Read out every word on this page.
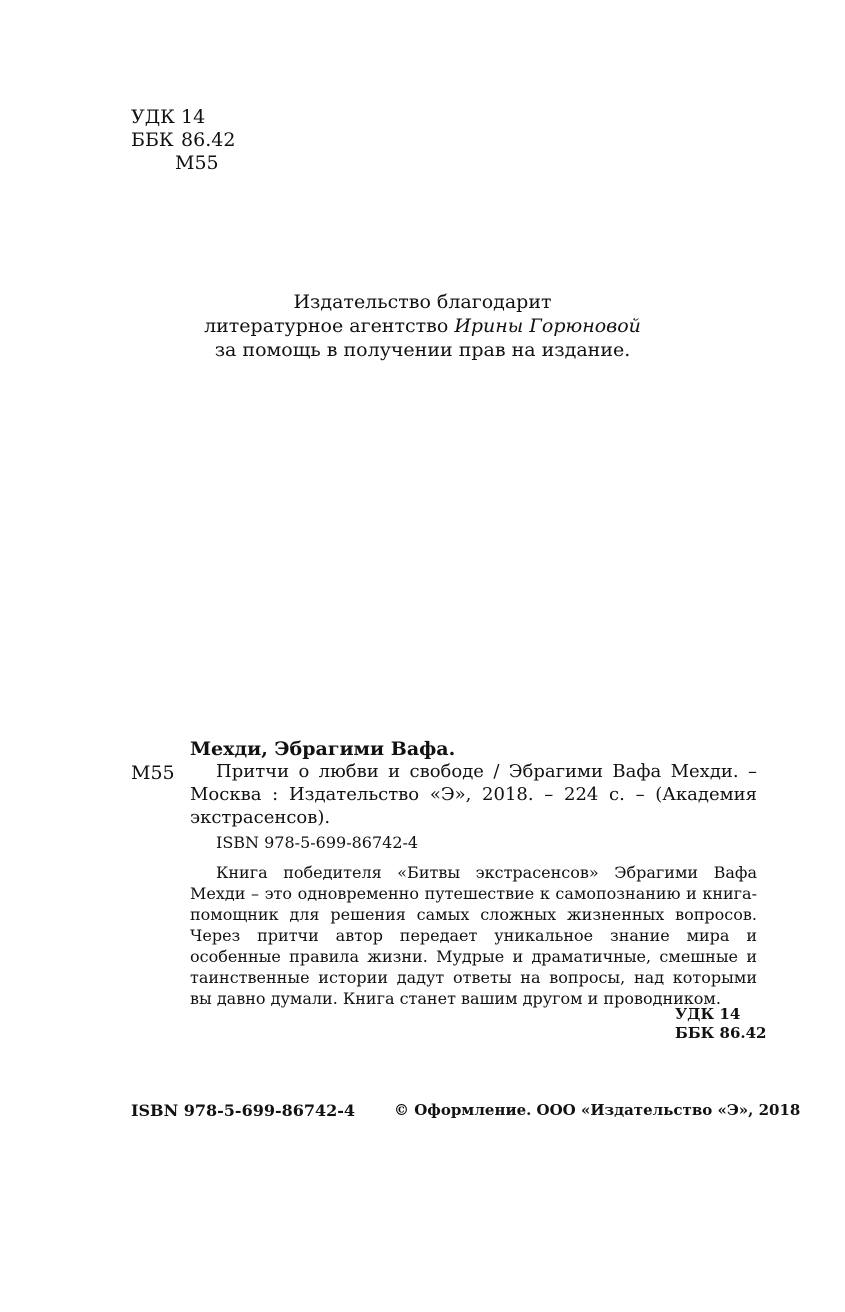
УДК 14
ББК 86.42
М55
Издательство благодарит
литературное агентство Ирины Горюновой
за помощь в получении прав на издание.
Мехди, Эбрагими Вафа.
М55	Притчи о любви и свободе / Эбрагими Вафа Мехди. – Москва : Издательство «Э», 2018. – 224 с. – (Академия экстрасенсов).
ISBN 978-5-699-86742-4
Книга победителя «Битвы экстрасенсов» Эбрагими Вафа Мехди – это одновременно путешествие к самопознанию и книга-помощник для решения самых сложных жизненных вопросов. Через притчи автор передает уникальное знание мира и особенные правила жизни. Мудрые и драматичные, смешные и таинственные истории дадут ответы на вопросы, над которыми вы давно думали. Книга станет вашим другом и проводником.
УДК 14
ББК 86.42
ISBN 978-5-699-86742-4	© Оформление. ООО «Издательство «Э», 2018
